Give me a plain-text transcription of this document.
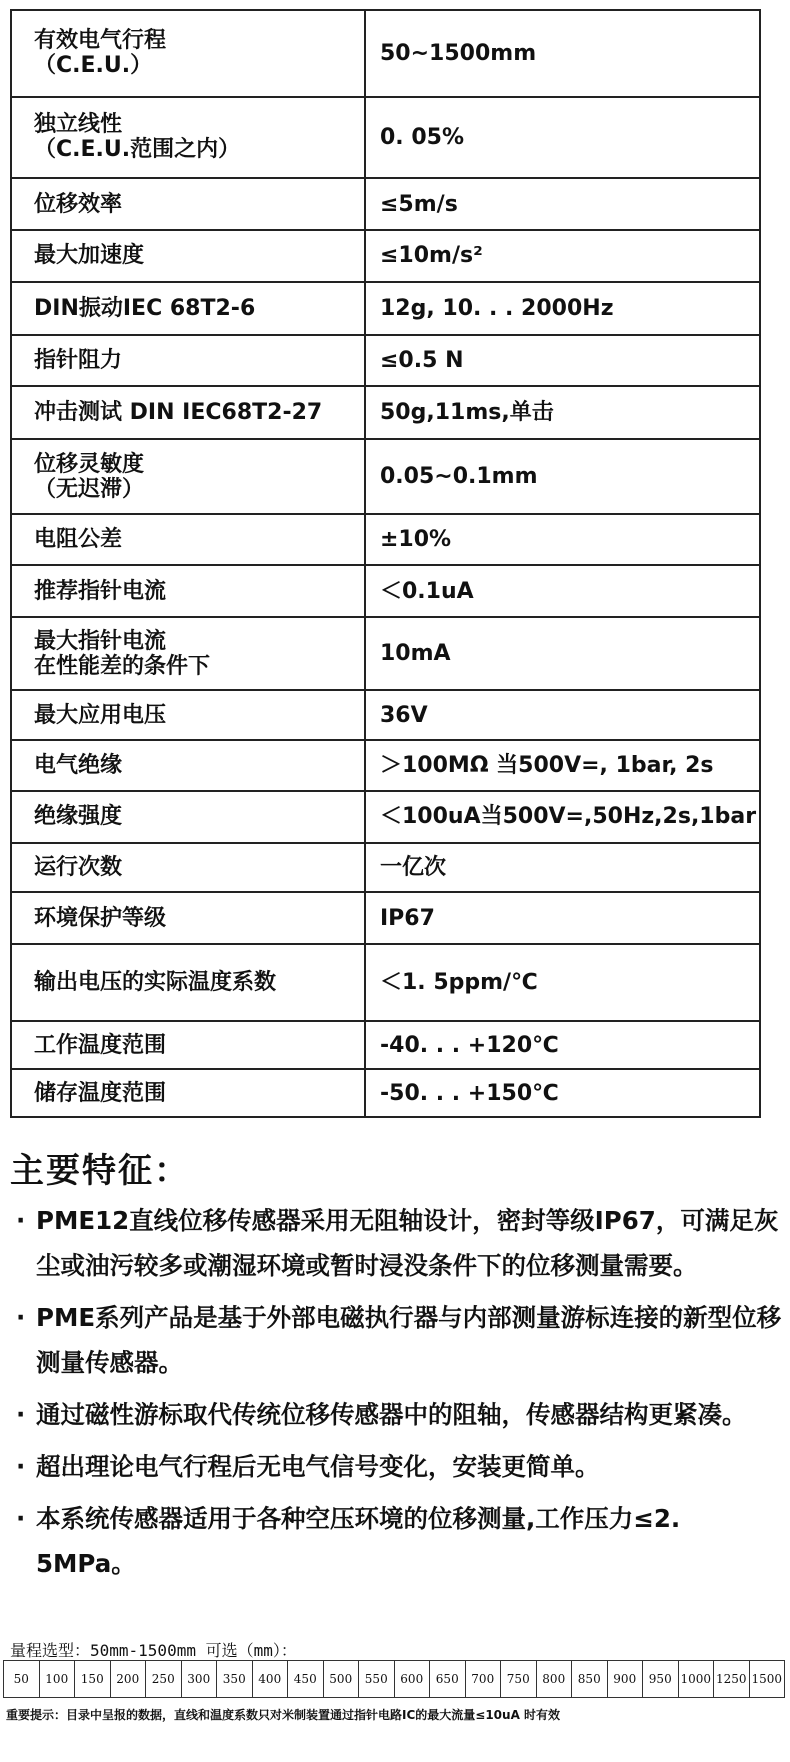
有效电气行程
（C.E.U.）	50~1500mm

独立线性
（C.E.U.范围之内）	0. 05%

位移效率	≤5m/s

最大加速度	≤10m/s²

DIN振动IEC 68T2-6	12g, 10. . . 2000Hz

指针阻力	≤0.5 N

冲击测试 DIN IEC68T2-27	50g,11ms,单击

位移灵敏度
（无迟滞）	0.05~0.1mm

电阻公差	±10%

推荐指针电流	＜0.1uA

最大指针电流
在性能差的条件下	10mA

最大应用电压	36V

电气绝缘	＞100MΩ 当500V=, 1bar, 2s

绝缘强度	＜100uA当500V=,50Hz,2s,1bar

运行次数	一亿次

环境保护等级	IP67

输出电压的实际温度系数	＜1. 5ppm/℃

工作温度范围	-40. . . +120℃

储存温度范围	-50. . . +150℃
主要特征：
· PME12直线位移传感器采用无阻轴设计，密封等级IP67，可满足灰尘或油污较多或潮湿环境或暂时浸没条件下的位移测量需要。
· PME系列产品是基于外部电磁执行器与内部测量游标连接的新型位移测量传感器。
· 通过磁性游标取代传统位移传感器中的阻轴，传感器结构更紧凑。
· 超出理论电气行程后无电气信号变化，安装更简单。
· 本系统传感器适用于各种空压环境的位移测量,工作压力≤2. 5MPa。
量程选型：50mm-1500mm 可选（mm）：
50	100	150	200	250	300	350	400	450	500	550	600	650	700	750	800	850	900	950	1000	1250	1500
重要提示：目录中呈报的数据，直线和温度系数只对米制装置通过指针电路IC的最大流量≤10uA 时有效
